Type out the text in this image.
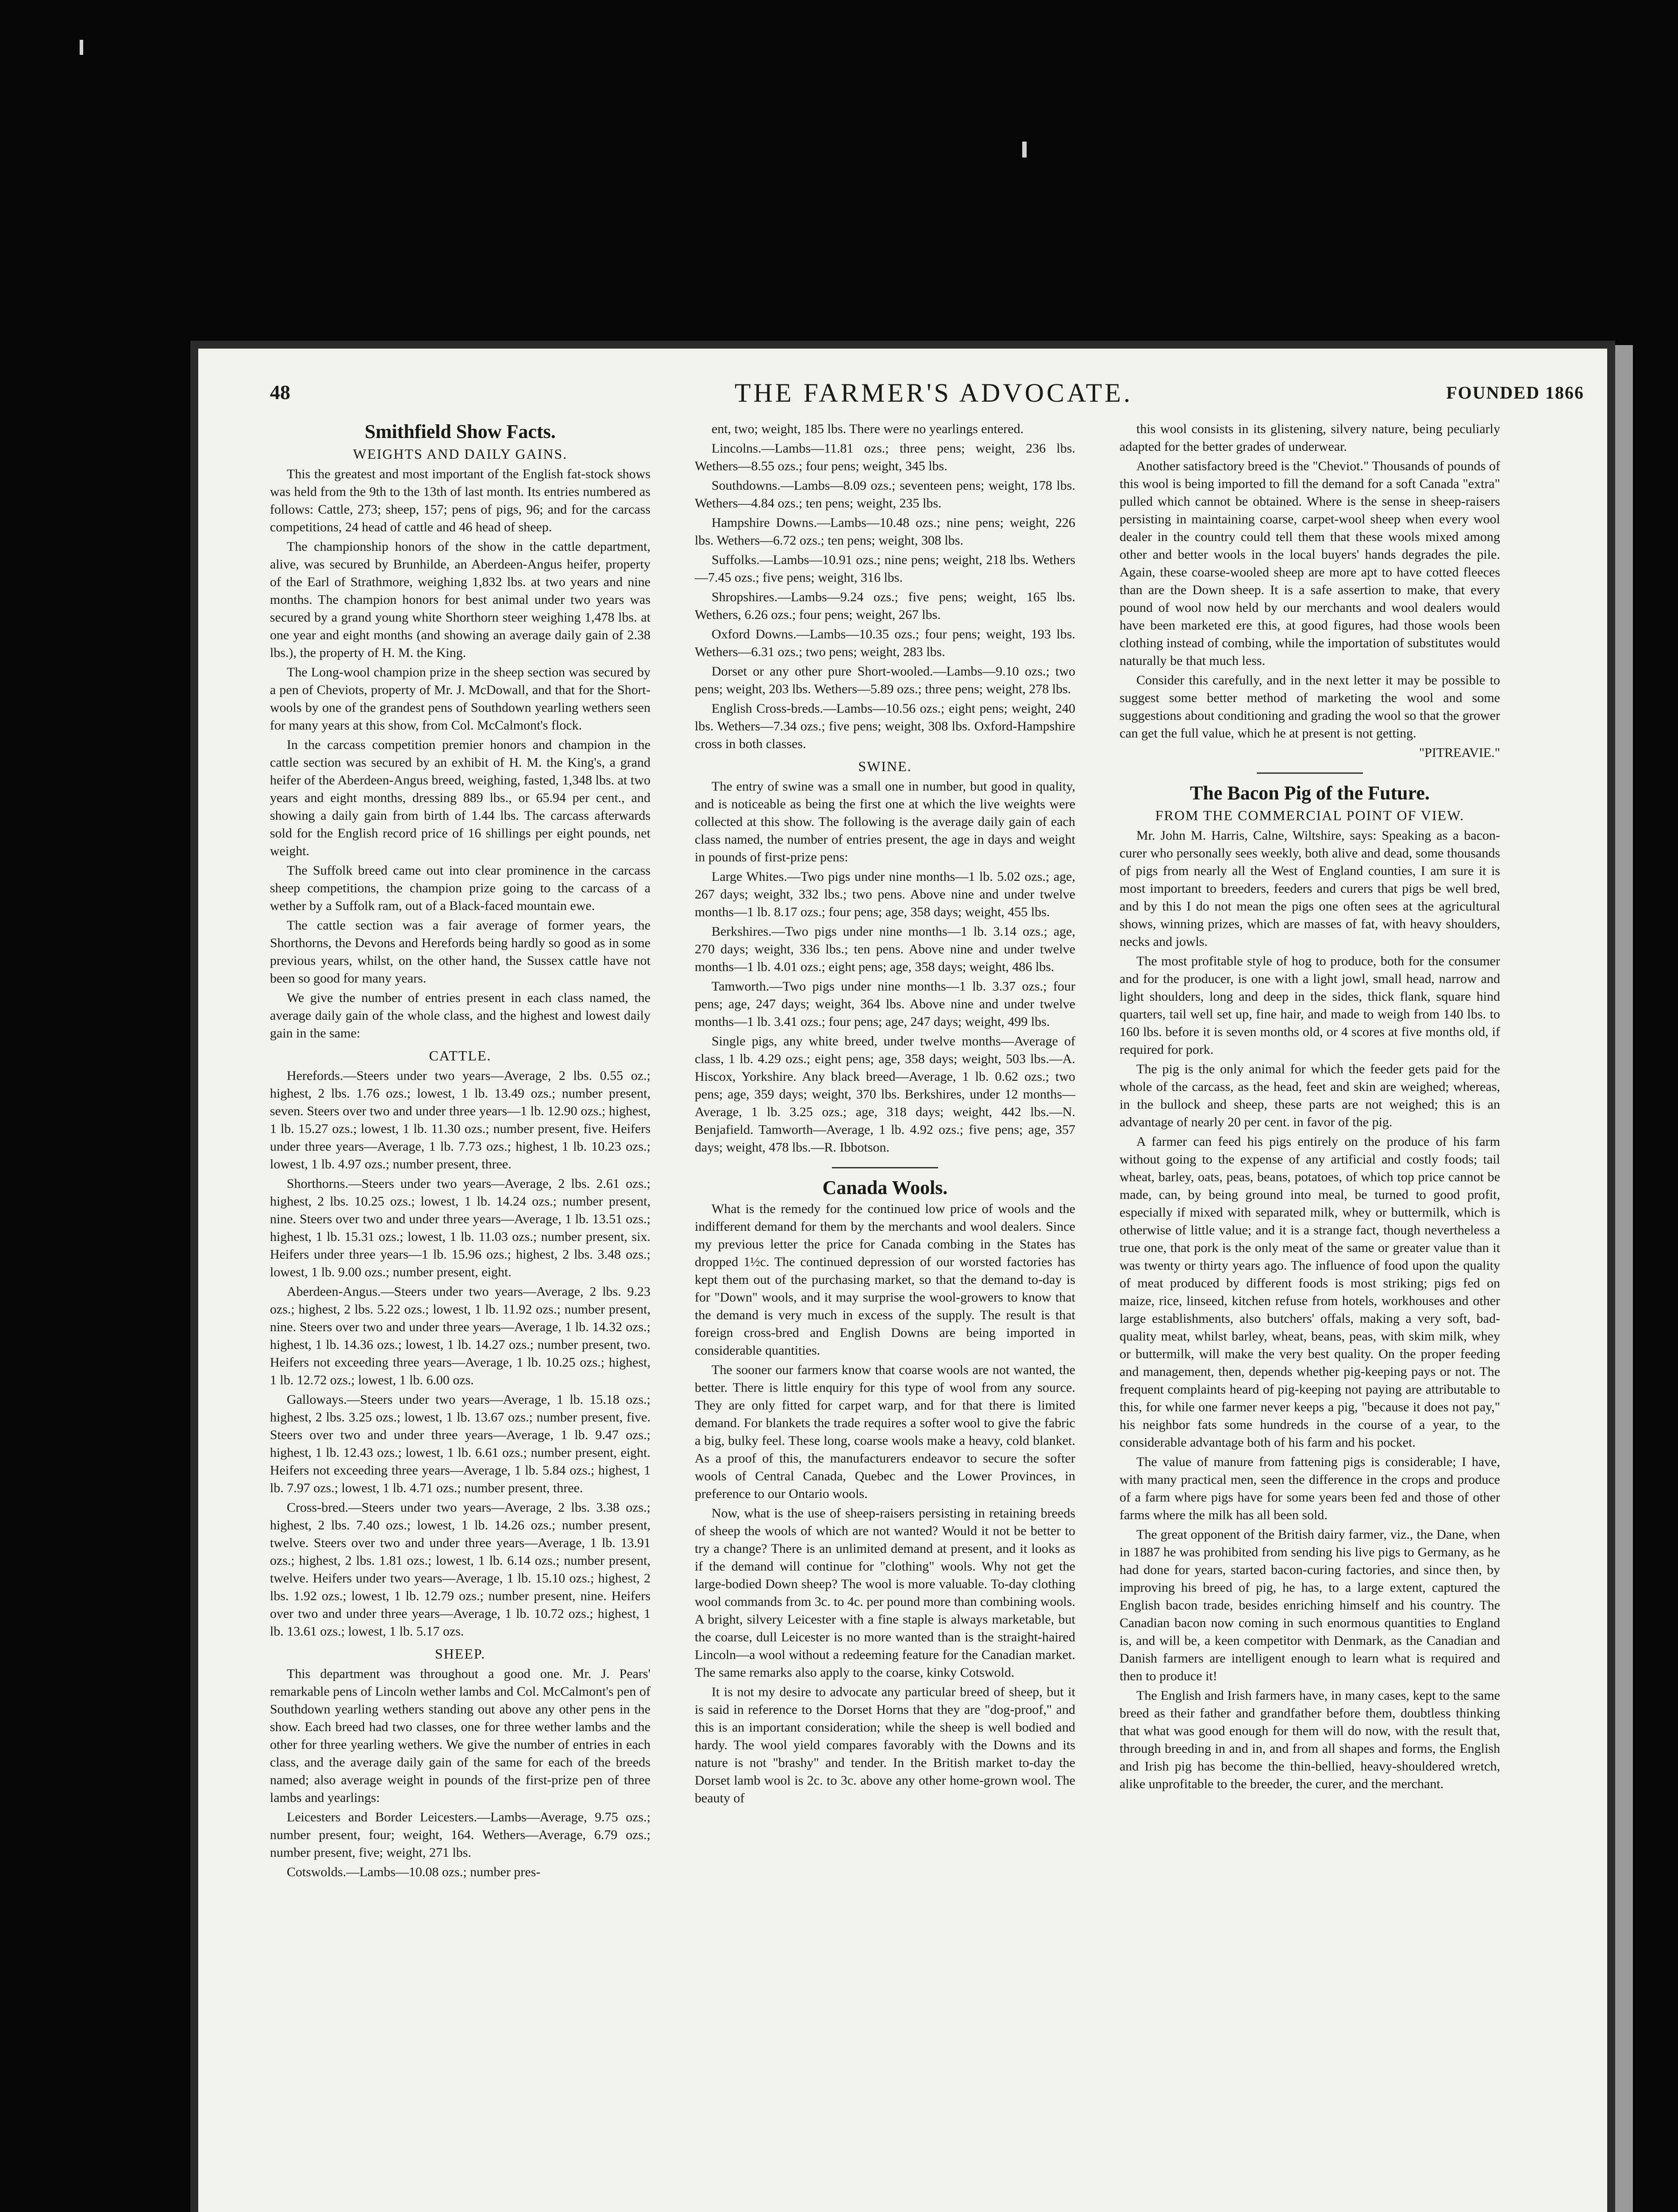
48	THE FARMER'S ADVOCATE.	FOUNDED 1866
Smithfield Show Facts.
WEIGHTS AND DAILY GAINS.

This the greatest and most important of the English fat-stock shows was held from the 9th to the 13th of last month. Its entries numbered as follows: Cattle, 273; sheep, 157; pens of pigs, 96; and for the carcass competitions, 24 head of cattle and 46 head of sheep.

The championship honors of the show in the cattle department, alive, was secured by Brunhilde, an Aberdeen-Angus heifer, property of the Earl of Strathmore, weighing 1,832 lbs. at two years and nine months. The champion honors for best animal under two years was secured by a grand young white Shorthorn steer weighing 1,478 lbs. at one year and eight months (and showing an average daily gain of 2.38 lbs.), the property of H. M. the King.

The Long-wool champion prize in the sheep section was secured by a pen of Cheviots, property of Mr. J. McDowall, and that for the Short-wools by one of the grandest pens of Southdown yearling wethers seen for many years at this show, from Col. McCalmont's flock.

In the carcass competition premier honors and champion in the cattle section was secured by an exhibit of H. M. the King's, a grand heifer of the Aberdeen-Angus breed, weighing, fasted, 1,348 lbs. at two years and eight months, dressing 889 lbs., or 65.94 per cent., and showing a daily gain from birth of 1.44 lbs. The carcass afterwards sold for the English record price of 16 shillings per eight pounds, net weight.

The Suffolk breed came out into clear prominence in the carcass sheep competitions, the champion prize going to the carcass of a wether by a Suffolk ram, out of a Black-faced mountain ewe.

The cattle section was a fair average of former years, the Shorthorns, the Devons and Herefords being hardly so good as in some previous years, whilst, on the other hand, the Sussex cattle have not been so good for many years.

We give the number of entries present in each class named, the average daily gain of the whole class, and the highest and lowest daily gain in the same:

CATTLE.

Herefords.—Steers under two years—Average, 2 lbs. 0.55 oz.; highest, 2 lbs. 1.76 ozs.; lowest, 1 lb. 13.49 ozs.; number present, seven. Steers over two and under three years—1 lb. 12.90 ozs.; highest, 1 lb. 15.27 ozs.; lowest, 1 lb. 11.30 ozs.; number present, five. Heifers under three years—Average, 1 lb. 7.73 ozs.; highest, 1 lb. 10.23 ozs.; lowest, 1 lb. 4.97 ozs.; number present, three.

Shorthorns.—Steers under two years—Average, 2 lbs. 2.61 ozs.; highest, 2 lbs. 10.25 ozs.; lowest, 1 lb. 14.24 ozs.; number present, nine. Steers over two and under three years—Average, 1 lb. 13.51 ozs.; highest, 1 lb. 15.31 ozs.; lowest, 1 lb. 11.03 ozs.; number present, six. Heifers under three years—1 lb. 15.96 ozs.; highest, 2 lbs. 3.48 ozs.; lowest, 1 lb. 9.00 ozs.; number present, eight.

Aberdeen-Angus.—Steers under two years—Average, 2 lbs. 9.23 ozs.; highest, 2 lbs. 5.22 ozs.; lowest, 1 lb. 11.92 ozs.; number present, nine. Steers over two and under three years—Average, 1 lb. 14.32 ozs.; highest, 1 lb. 14.36 ozs.; lowest, 1 lb. 14.27 ozs.; number present, two. Heifers not exceeding three years—Average, 1 lb. 10.25 ozs.; highest, 1 lb. 12.72 ozs.; lowest, 1 lb. 6.00 ozs.

Galloways.—Steers under two years—Average, 1 lb. 15.18 ozs.; highest, 2 lbs. 3.25 ozs.; lowest, 1 lb. 13.67 ozs.; number present, five. Steers over two and under three years—Average, 1 lb. 9.47 ozs.; highest, 1 lb. 12.43 ozs.; lowest, 1 lb. 6.61 ozs.; number present, eight. Heifers not exceeding three years—Average, 1 lb. 5.84 ozs.; highest, 1 lb. 7.97 ozs.; lowest, 1 lb. 4.71 ozs.; number present, three.

Cross-bred.—Steers under two years—Average, 2 lbs. 3.38 ozs.; highest, 2 lbs. 7.40 ozs.; lowest, 1 lb. 14.26 ozs.; number present, twelve. Steers over two and under three years—Average, 1 lb. 13.91 ozs.; highest, 2 lbs. 1.81 ozs.; lowest, 1 lb. 6.14 ozs.; number present, twelve. Heifers under two years—Average, 1 lb. 15.10 ozs.; highest, 2 lbs. 1.92 ozs.; lowest, 1 lb. 12.79 ozs.; number present, nine. Heifers over two and under three years—Average, 1 lb. 10.72 ozs.; highest, 1 lb. 13.61 ozs.; lowest, 1 lb. 5.17 ozs.

SHEEP.

This department was throughout a good one. Mr. J. Pears' remarkable pens of Lincoln wether lambs and Col. McCalmont's pen of Southdown yearling wethers standing out above any other pens in the show. Each breed had two classes, one for three wether lambs and the other for three yearling wethers. We give the number of entries in each class, and the average daily gain of the same for each of the breeds named; also average weight in pounds of the first-prize pen of three lambs and yearlings:

Leicesters and Border Leicesters.—Lambs—Average, 9.75 ozs.; number present, four; weight, 164. Wethers—Average, 6.79 ozs.; number present, five; weight, 271 lbs.

Cotswolds.—Lambs—10.08 ozs.; number pres-

ent, two; weight, 185 lbs. There were no yearlings entered.

Lincolns.—Lambs—11.81 ozs.; three pens; weight, 236 lbs. Wethers—8.55 ozs.; four pens; weight, 345 lbs.

Southdowns.—Lambs—8.09 ozs.; seventeen pens; weight, 178 lbs. Wethers—4.84 ozs.; ten pens; weight, 235 lbs.

Hampshire Downs.—Lambs—10.48 ozs.; nine pens; weight, 226 lbs. Wethers—6.72 ozs.; ten pens; weight, 308 lbs.

Suffolks.—Lambs—10.91 ozs.; nine pens; weight, 218 lbs. Wethers—7.45 ozs.; five pens; weight, 316 lbs.

Shropshires.—Lambs—9.24 ozs.; five pens; weight, 165 lbs. Wethers, 6.26 ozs.; four pens; weight, 267 lbs.

Oxford Downs.—Lambs—10.35 ozs.; four pens; weight, 193 lbs. Wethers—6.31 ozs.; two pens; weight, 283 lbs.

Dorset or any other pure Short-wooled.—Lambs—9.10 ozs.; two pens; weight, 203 lbs. Wethers—5.89 ozs.; three pens; weight, 278 lbs.

English Cross-breds.—Lambs—10.56 ozs.; eight pens; weight, 240 lbs. Wethers—7.34 ozs.; five pens; weight, 308 lbs. Oxford-Hampshire cross in both classes.

SWINE.

The entry of swine was a small one in number, but good in quality, and is noticeable as being the first one at which the live weights were collected at this show. The following is the average daily gain of each class named, the number of entries present, the age in days and weight in pounds of first-prize pens:

Large Whites.—Two pigs under nine months—1 lb. 5.02 ozs.; age, 267 days; weight, 332 lbs.; two pens. Above nine and under twelve months—1 lb. 8.17 ozs.; four pens; age, 358 days; weight, 455 lbs.

Berkshires.—Two pigs under nine months—1 lb. 3.14 ozs.; age, 270 days; weight, 336 lbs.; ten pens. Above nine and under twelve months—1 lb. 4.01 ozs.; eight pens; age, 358 days; weight, 486 lbs.

Tamworth.—Two pigs under nine months—1 lb. 3.37 ozs.; four pens; age, 247 days; weight, 364 lbs. Above nine and under twelve months—1 lb. 3.41 ozs.; four pens; age, 247 days; weight, 499 lbs.

Single pigs, any white breed, under twelve months—Average of class, 1 lb. 4.29 ozs.; eight pens; age, 358 days; weight, 503 lbs.—A. Hiscox, Yorkshire. Any black breed—Average, 1 lb. 0.62 ozs.; two pens; age, 359 days; weight, 370 lbs. Berkshires, under 12 months—Average, 1 lb. 3.25 ozs.; age, 318 days; weight, 442 lbs.—N. Benjafield. Tamworth—Average, 1 lb. 4.92 ozs.; five pens; age, 357 days; weight, 478 lbs.—R. Ibbotson.

Canada Wools.

What is the remedy for the continued low price of wools and the indifferent demand for them by the merchants and wool dealers. Since my previous letter the price for Canada combing in the States has dropped 1½c. The continued depression of our worsted factories has kept them out of the purchasing market, so that the demand to-day is for "Down" wools, and it may surprise the wool-growers to know that the demand is very much in excess of the supply. The result is that foreign cross-bred and English Downs are being imported in considerable quantities.

The sooner our farmers know that coarse wools are not wanted, the better. There is little enquiry for this type of wool from any source. They are only fitted for carpet warp, and for that there is limited demand. For blankets the trade requires a softer wool to give the fabric a big, bulky feel. These long, coarse wools make a heavy, cold blanket. As a proof of this, the manufacturers endeavor to secure the softer wools of Central Canada, Quebec and the Lower Provinces, in preference to our Ontario wools.

Now, what is the use of sheep-raisers persisting in retaining breeds of sheep the wools of which are not wanted? Would it not be better to try a change? There is an unlimited demand at present, and it looks as if the demand will continue for "clothing" wools. Why not get the large-bodied Down sheep? The wool is more valuable. To-day clothing wool commands from 3c. to 4c. per pound more than combining wools. A bright, silvery Leicester with a fine staple is always marketable, but the coarse, dull Leicester is no more wanted than is the straight-haired Lincoln—a wool without a redeeming feature for the Canadian market. The same remarks also apply to the coarse, kinky Cotswold.

It is not my desire to advocate any particular breed of sheep, but it is said in reference to the Dorset Horns that they are "dog-proof," and this is an important consideration; while the sheep is well bodied and hardy. The wool yield compares favorably with the Downs and its nature is not "brashy" and tender. In the British market to-day the Dorset lamb wool is 2c. to 3c. above any other home-grown wool. The beauty of

this wool consists in its glistening, silvery nature, being peculiarly adapted for the better grades of underwear.

Another satisfactory breed is the "Cheviot." Thousands of pounds of this wool is being imported to fill the demand for a soft Canada "extra" pulled which cannot be obtained. Where is the sense in sheep-raisers persisting in maintaining coarse, carpet-wool sheep when every wool dealer in the country could tell them that these wools mixed among other and better wools in the local buyers' hands degrades the pile. Again, these coarse-wooled sheep are more apt to have cotted fleeces than are the Down sheep. It is a safe assertion to make, that every pound of wool now held by our merchants and wool dealers would have been marketed ere this, at good figures, had those wools been clothing instead of combing, while the importation of substitutes would naturally be that much less.

Consider this carefully, and in the next letter it may be possible to suggest some better method of marketing the wool and some suggestions about conditioning and grading the wool so that the grower can get the full value, which he at present is not getting.

"PITREAVIE."

The Bacon Pig of the Future.
FROM THE COMMERCIAL POINT OF VIEW.

Mr. John M. Harris, Calne, Wiltshire, says: Speaking as a bacon-curer who personally sees weekly, both alive and dead, some thousands of pigs from nearly all the West of England counties, I am sure it is most important to breeders, feeders and curers that pigs be well bred, and by this I do not mean the pigs one often sees at the agricultural shows, winning prizes, which are masses of fat, with heavy shoulders, necks and jowls.

The most profitable style of hog to produce, both for the consumer and for the producer, is one with a light jowl, small head, narrow and light shoulders, long and deep in the sides, thick flank, square hind quarters, tail well set up, fine hair, and made to weigh from 140 lbs. to 160 lbs. before it is seven months old, or 4 scores at five months old, if required for pork.

The pig is the only animal for which the feeder gets paid for the whole of the carcass, as the head, feet and skin are weighed; whereas, in the bullock and sheep, these parts are not weighed; this is an advantage of nearly 20 per cent. in favor of the pig.

A farmer can feed his pigs entirely on the produce of his farm without going to the expense of any artificial and costly foods; tail wheat, barley, oats, peas, beans, potatoes, of which top price cannot be made, can, by being ground into meal, be turned to good profit, especially if mixed with separated milk, whey or buttermilk, which is otherwise of little value; and it is a strange fact, though nevertheless a true one, that pork is the only meat of the same or greater value than it was twenty or thirty years ago. The influence of food upon the quality of meat produced by different foods is most striking; pigs fed on maize, rice, linseed, kitchen refuse from hotels, workhouses and other large establishments, also butchers' offals, making a very soft, bad-quality meat, whilst barley, wheat, beans, peas, with skim milk, whey or buttermilk, will make the very best quality. On the proper feeding and management, then, depends whether pig-keeping pays or not. The frequent complaints heard of pig-keeping not paying are attributable to this, for while one farmer never keeps a pig, "because it does not pay," his neighbor fats some hundreds in the course of a year, to the considerable advantage both of his farm and his pocket.

The value of manure from fattening pigs is considerable; I have, with many practical men, seen the difference in the crops and produce of a farm where pigs have for some years been fed and those of other farms where the milk has all been sold.

The great opponent of the British dairy farmer, viz., the Dane, when in 1887 he was prohibited from sending his live pigs to Germany, as he had done for years, started bacon-curing factories, and since then, by improving his breed of pig, he has, to a large extent, captured the English bacon trade, besides enriching himself and his country. The Canadian bacon now coming in such enormous quantities to England is, and will be, a keen competitor with Denmark, as the Canadian and Danish farmers are intelligent enough to learn what is required and then to produce it!

The English and Irish farmers have, in many cases, kept to the same breed as their father and grandfather before them, doubtless thinking that what was good enough for them will do now, with the result that, through breeding in and in, and from all shapes and forms, the English and Irish pig has become the thin-bellied, heavy-shouldered wretch, alike unprofitable to the breeder, the curer, and the merchant.
